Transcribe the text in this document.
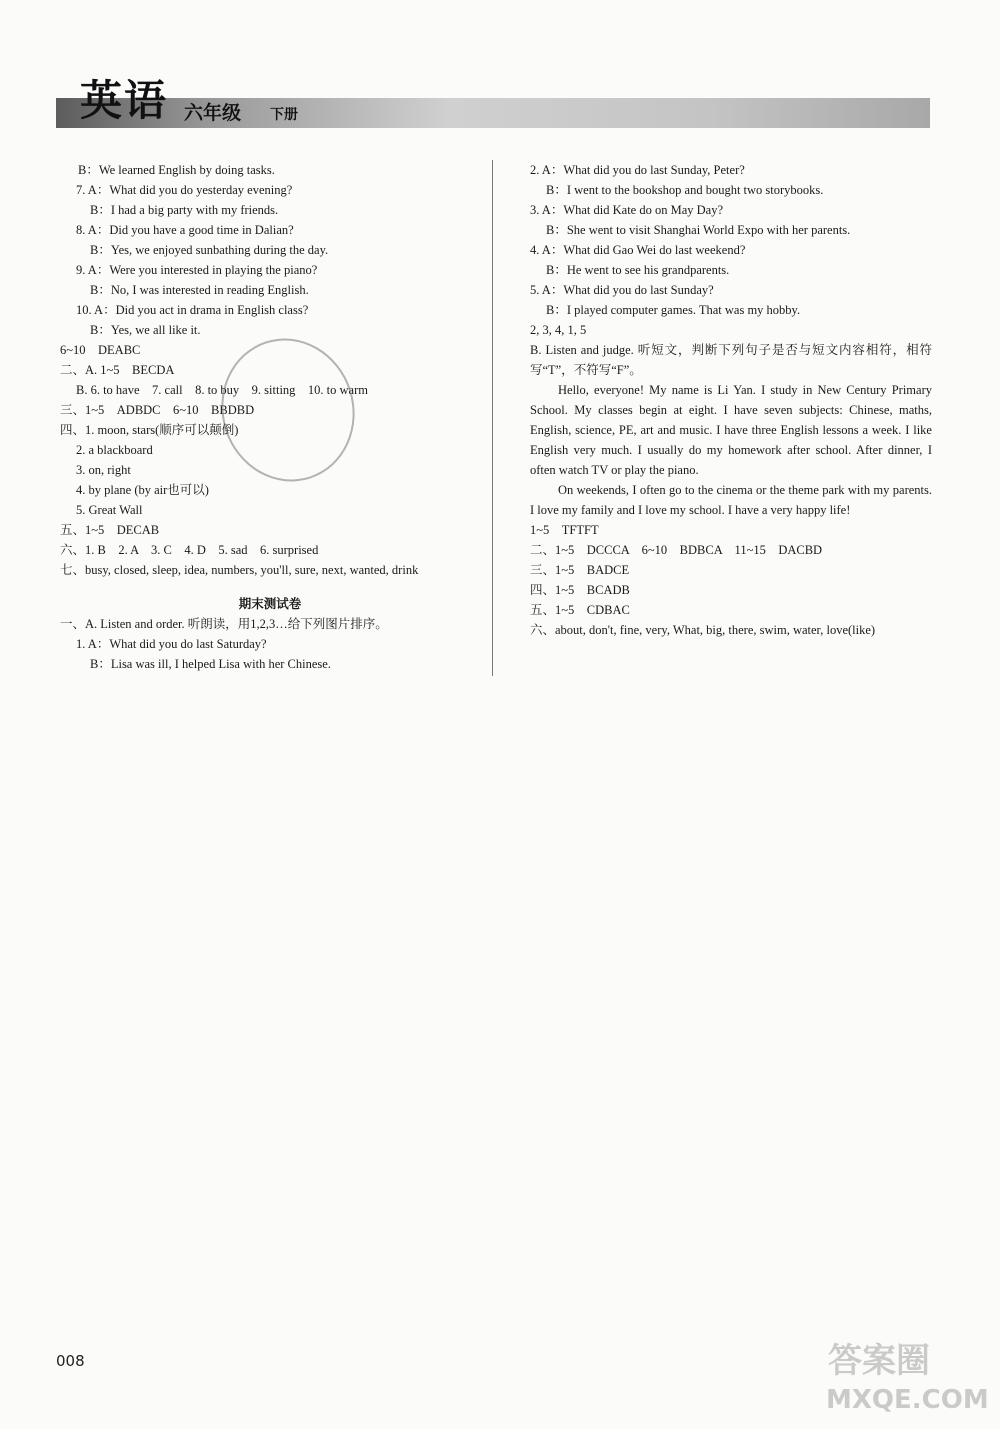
英语 六年级 下册
B：We learned English by doing tasks.
7. A：What did you do yesterday evening?
B：I had a big party with my friends.
8. A：Did you have a good time in Dalian?
B：Yes, we enjoyed sunbathing during the day.
9. A：Were you interested in playing the piano?
B：No, I was interested in reading English.
10. A：Did you act in drama in English class?
B：Yes, we all like it.
6~10　DEABC
二、A. 1~5　BECDA
B. 6. to have　7. call　8. to buy　9. sitting　10. to warm
三、1~5　ADBDC　6~10　BBDBD
四、1. moon, stars(顺序可以颠倒)
2. a blackboard
3. on, right
4. by plane (by air也可以)
5. Great Wall
五、1~5　DECAB
六、1. B　2. A　3. C　4. D　5. sad　6. surprised
七、busy, closed, sleep, idea, numbers, you'll, sure, next, wanted, drink
期末测试卷
一、A. Listen and order. 听朗读，用1,2,3…给下列图片排序。
1. A：What did you do last Saturday?
B：Lisa was ill, I helped Lisa with her Chinese.
2. A：What did you do last Sunday, Peter?
B：I went to the bookshop and bought two storybooks.
3. A：What did Kate do on May Day?
B：She went to visit Shanghai World Expo with her parents.
4. A：What did Gao Wei do last weekend?
B：He went to see his grandparents.
5. A：What did you do last Sunday?
B：I played computer games. That was my hobby.
2, 3, 4, 1, 5
B. Listen and judge. 听短文，判断下列句子是否与短文内容相符，相符写“T”，不符写“F”。
Hello, everyone! My name is Li Yan. I study in New Century Primary School. My classes begin at eight. I have seven subjects: Chinese, maths, English, science, PE, art and music. I have three English lessons a week. I like English very much. I usually do my homework after school. After dinner, I often watch TV or play the piano.
On weekends, I often go to the cinema or the theme park with my parents. I love my family and I love my school. I have a very happy life!
1~5　TFTFT
二、1~5　DCCCA　6~10　BDBCA　11~15　DACBD
三、1~5　BADCE
四、1~5　BCADB
五、1~5　CDBAC
六、about, don't, fine, very, What, big, there, swim, water, love(like)
008	答案圈
MXQE.COM
